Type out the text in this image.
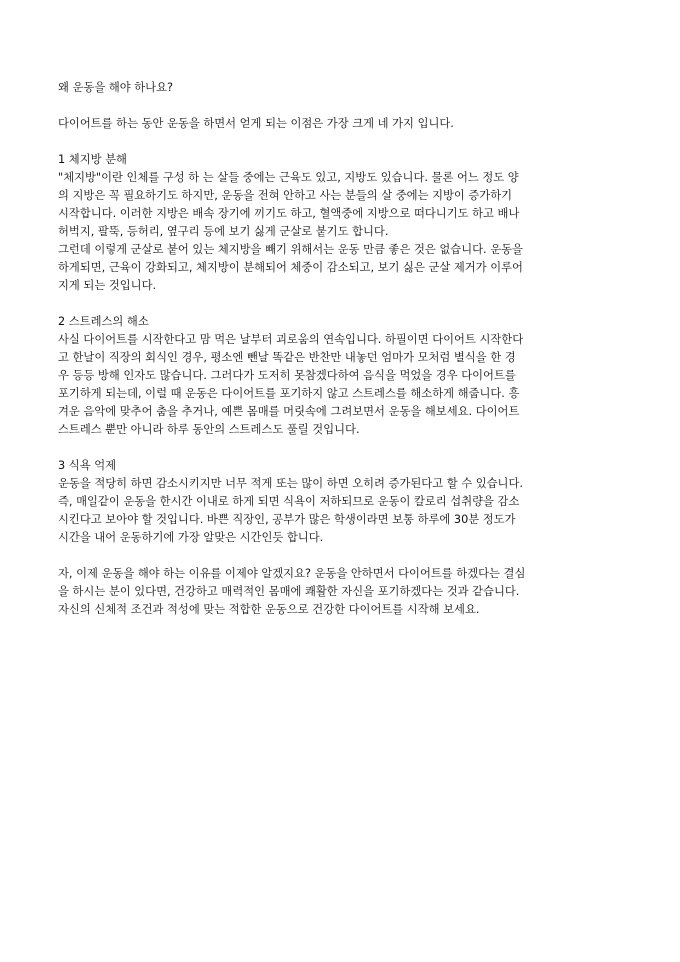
왜 운동을 해야 하나요?

다이어트를 하는 동안 운동을 하면서 얻게 되는 이점은 가장 크게 네 가지 입니다.

1 체지방 분해

"체지방"이란 인체를 구성 하 는 살들 중에는 근육도 있고, 지방도 있습니다. 물론 어느 정도 양
의 지방은 꼭 필요하기도 하지만, 운동을 전혀 안하고 사는 분들의 살 중에는 지방이 증가하기
시작합니다. 이러한 지방은 배속 장기에 끼기도 하고, 혈액중에 지방으로 떠다니기도 하고 배나
허벅지, 팔뚝, 등허리, 옆구리 등에 보기 싫게 군살로 붙기도 합니다.
그런데 이렇게 군살로 붙어 있는 체지방을 빼기 위해서는 운동 만큼 좋은 것은 없습니다. 운동을
하게되면, 근육이 강화되고, 체지방이 분해되어 체중이 감소되고, 보기 싫은 군살 제거가 이루어
지게 되는 것입니다.

2 스트레스의 해소

사실 다이어트를 시작한다고 맘 먹은 날부터 괴로움의 연속입니다. 하필이면 다이어트 시작한다
고 한날이 직장의 회식인 경우, 평소엔 뺀날 똑같은 반찬만 내놓던 엄마가 모처럼 별식을 한 경
우 등등 방해 인자도 많습니다. 그러다가 도저히 못참겠다하여 음식을 먹었을 경우 다이어트를
포기하게 되는데, 이럴 때 운동은 다이어트를 포기하지 않고 스트레스를 해소하게 해줍니다. 흥
겨운 음악에 맞추어 춤을 추거나, 예쁜 몸매를 머릿속에 그려보면서 운동을 해보세요. 다이어트
스트레스 뿐만 아니라 하루 동안의 스트레스도 풀릴 것입니다.

3 식욕 억제

운동을 적당히 하면 감소시키지만 너무 적게 또는 많이 하면 오히려 증가된다고 할 수 있습니다.
즉, 매일같이 운동을 한시간 이내로 하게 되면 식욕이 저하되므로 운동이 칼로리 섭취량을 감소
시킨다고 보아야 할 것입니다. 바쁜 직장인, 공부가 많은 학생이라면 보통 하루에 30분 정도가
시간을 내어 운동하기에 가장 알맞은 시간인듯 합니다.
자, 이제 운동을 해야 하는 이유를 이제야 알겠지요? 운동을 안하면서 다이어트를 하겠다는 결심
을 하시는 분이 있다면, 건강하고 매력적인 몸매에 쾌활한 자신을 포기하겠다는 것과 같습니다.
자신의 신체적 조건과 적성에 맞는 적합한 운동으로 건강한 다이어트를 시작해 보세요.
